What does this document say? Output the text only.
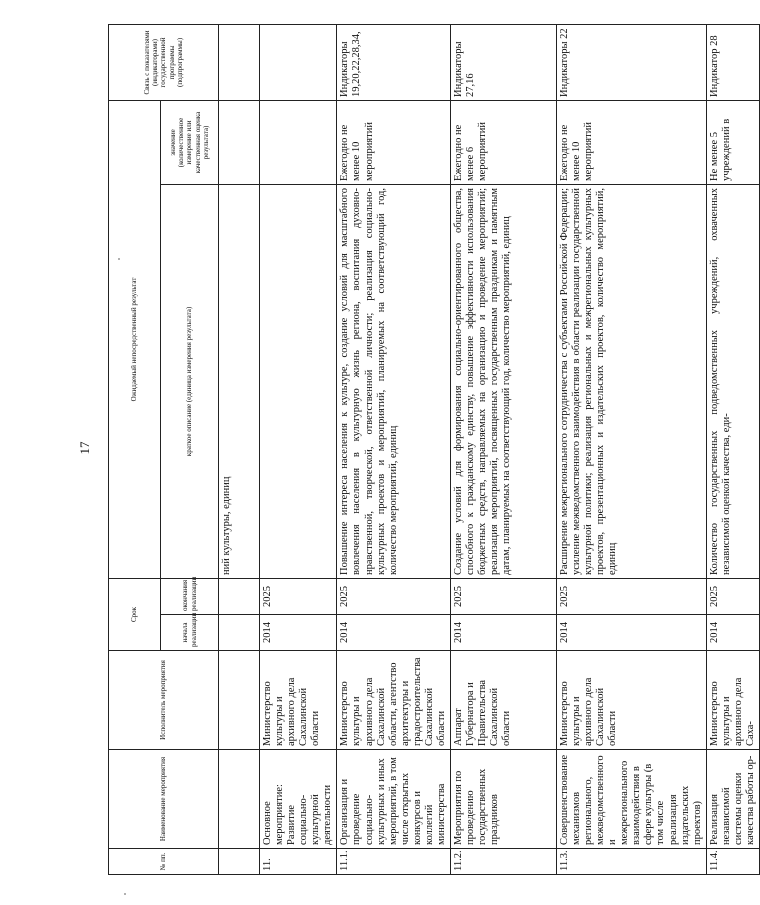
17
№ пп.	Наименование мероприятия	Исполнитель мероприятия	Срок		Ожидаемый непосредственный результат		Связь с показателями (индикаторами) государственной программы (подпрограммы)
			начала реализации	окончания реализации	краткое описание (единица измерения результата)	значение (количественное измерение или качественная оценка результата)	
					ний культуры, единиц		
11.	Основное мероприятие: Развитие социально-культурной деятельности	Министерство культуры и архивного дела Сахалинской области	2014	2025			
11.1.	Организация и проведение социально-культурных и иных мероприятий, в том числе открытых конкурсов и коллегий министерства	Министерство культуры и архивного дела Сахалинской области, агентство архитектуры и градостроительства Сахалинской области	2014	2025	Повышение интереса населения к культуре, создание условий для масштабного вовлечения населения в культурную жизнь региона, воспитания духовно-нравственной, творческой, ответственной личности; реализация социально-культурных проектов и мероприятий, планируемых на соответствующий год, количество мероприятий, единиц	Ежегодно не менее 10 мероприятий	Индикаторы 19,20,22,28,34,
11.2.	Мероприятия по проведению государственных праздников	Аппарат Губернатора и Правительства Сахалинской области	2014	2025	Создание условий для формирования социально-ориентированного общества, способного к гражданскому единству, повышение эффективности использования бюджетных средств, направляемых на организацию и проведение мероприятий; реализация мероприятий, посвященных государственным праздникам и памятным датам, планируемых на соответствующий год, количество мероприятий, единиц	Ежегодно не менее 6 мероприятий	Индикаторы 27,16
11.3.	Совершенствование механизмов регионального, межведомственного и межрегионального взаимодействия в сфере культуры (в том числе реализация издательских проектов)	Министерство культуры и архивного дела Сахалинской области	2014	2025	Расширение межрегионального сотрудничества с субъектами Российской Федерации; усиление межведомственного взаимодействия в области реализации государственной культурной политики; реализация региональных и межрегиональных культурных проектов, презентационных и издательских проектов, количество мероприятий, единиц	Ежегодно не менее 10 мероприятий	Индикаторы 22
11.4.	Реализация независимой системы оценки качества работы ор-	Министерство культуры и архивного дела Саха-	2014	2025	Количество государственных подведомственных учреждений, охваченных независимой оценкой качества, еди-	Не менее 5 учреждений в	Индикатор 28
